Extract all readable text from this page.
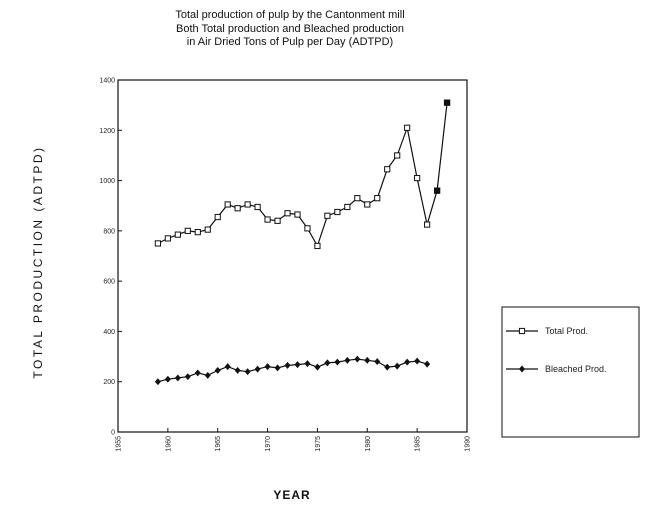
Total production of pulp by the Cantonment mill
Both Total production and Bleached production
in Air Dried Tons of Pulp per Day (ADTPD)
0
200
400
600
800
1000
1200
1400
1955	1960	1965	1970	1975	1980	1985	1990
TOTAL PRODUCTION (ADTPD)
YEAR
Total Prod.
Bleached Prod.
